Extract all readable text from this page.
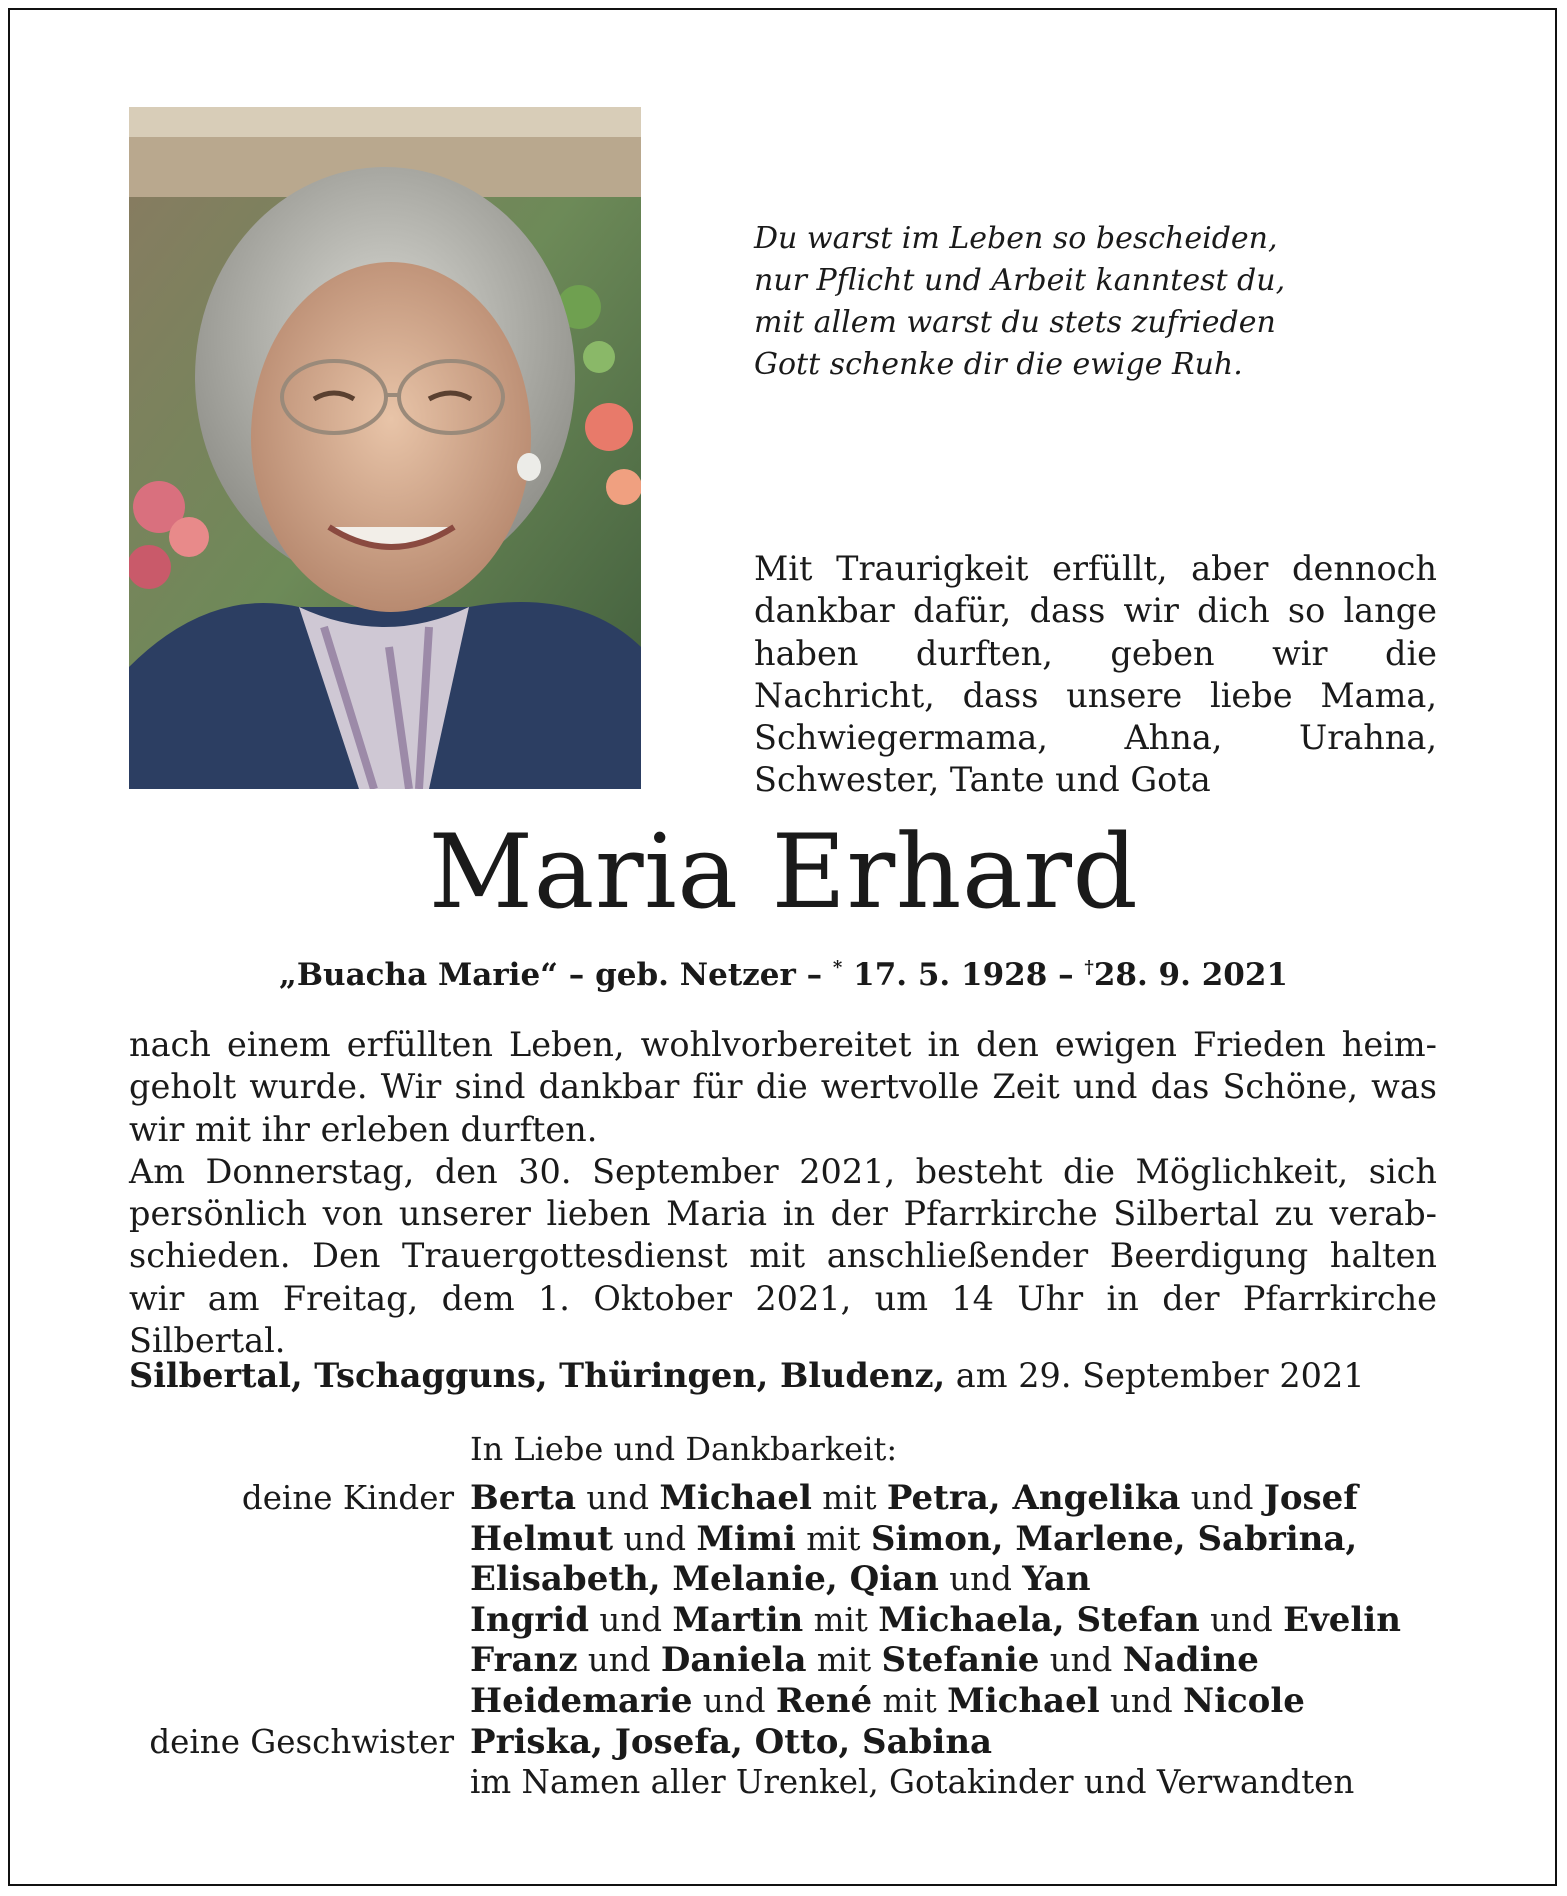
Du warst im Leben so bescheiden,
nur Pflicht und Arbeit kanntest du,
mit allem warst du stets zufrieden
Gott schenke dir die ewige Ruh.
Mit Traurigkeit erfüllt, aber dennoch dankbar dafür, dass wir dich so lange haben durften, geben wir die Nachricht, dass unsere liebe Mama, Schwiegermama, Ahna, Urahna, Schwester, Tante und Gota
Maria Erhard
„Buacha Marie“ – geb. Netzer – * 17. 5. 1928 – †28. 9. 2021

nach einem erfüllten Leben, wohlvorbereitet in den ewigen Frieden heimgeholt wurde. Wir sind dankbar für die wertvolle Zeit und das Schöne, was wir mit ihr erleben durften.

Am Donnerstag, den 30. September 2021, besteht die Möglichkeit, sich persönlich von unserer lieben Maria in der Pfarrkirche Silbertal zu verabschieden. Den Trauergottesdienst mit anschließender Beerdigung halten wir am Freitag, dem 1. Oktober 2021, um 14 Uhr in der Pfarrkirche Silbertal.

Silbertal, Tschagguns, Thüringen, Bludenz, am 29. September 2021
In Liebe und Dankbarkeit:
deine Kinder Berta und Michael mit Petra, Angelika und Josef
Helmut und Mimi mit Simon, Marlene, Sabrina,
Elisabeth, Melanie, Qian und Yan
Ingrid und Martin mit Michaela, Stefan und Evelin
Franz und Daniela mit Stefanie und Nadine
Heidemarie und René mit Michael und Nicole
deine Geschwister Priska, Josefa, Otto, Sabina
im Namen aller Urenkel, Gotakinder und Verwandten
